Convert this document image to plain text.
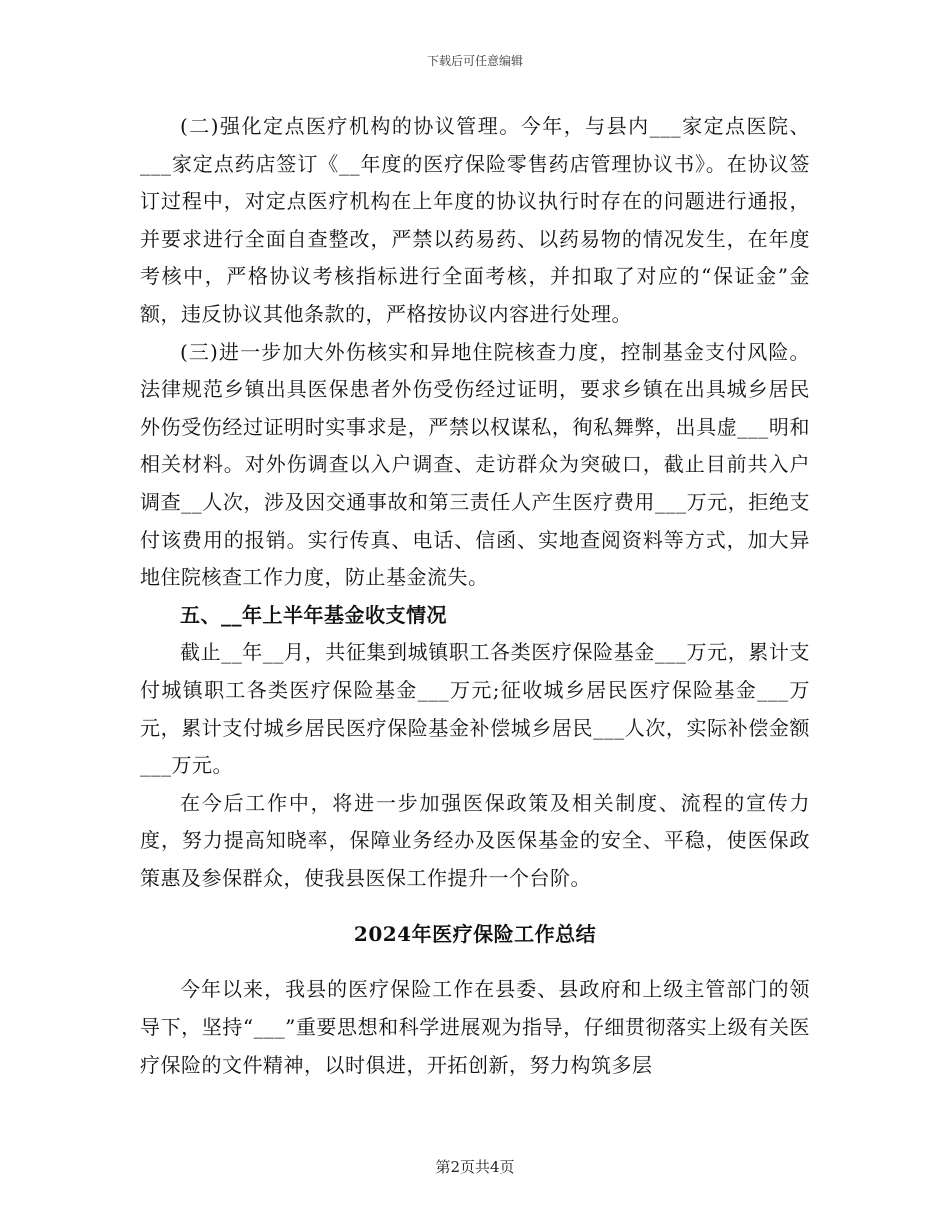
下载后可任意编辑

(二)强化定点医疗机构的协议管理。今年，与县内___家定点医院、___家定点药店签订《__年度的医疗保险零售药店管理协议书》。在协议签订过程中，对定点医疗机构在上年度的协议执行时存在的问题进行通报，并要求进行全面自查整改，严禁以药易药、以药易物的情况发生，在年度考核中，严格协议考核指标进行全面考核，并扣取了对应的“保证金”金额，违反协议其他条款的，严格按协议内容进行处理。

(三)进一步加大外伤核实和异地住院核查力度，控制基金支付风险。法律规范乡镇出具医保患者外伤受伤经过证明，要求乡镇在出具城乡居民外伤受伤经过证明时实事求是，严禁以权谋私，徇私舞弊，出具虚___明和相关材料。对外伤调查以入户调查、走访群众为突破口，截止目前共入户调查__人次，涉及因交通事故和第三责任人产生医疗费用___万元，拒绝支付该费用的报销。实行传真、电话、信函、实地查阅资料等方式，加大异地住院核查工作力度，防止基金流失。

五、__年上半年基金收支情况

截止__年__月，共征集到城镇职工各类医疗保险基金___万元，累计支付城镇职工各类医疗保险基金___万元;征收城乡居民医疗保险基金___万元，累计支付城乡居民医疗保险基金补偿城乡居民___人次，实际补偿金额___万元。

在今后工作中，将进一步加强医保政策及相关制度、流程的宣传力度，努力提高知晓率，保障业务经办及医保基金的安全、平稳，使医保政策惠及参保群众，使我县医保工作提升一个台阶。

2024年医疗保险工作总结

今年以来，我县的医疗保险工作在县委、县政府和上级主管部门的领导下，坚持“___”重要思想和科学进展观为指导，仔细贯彻落实上级有关医疗保险的文件精神，以时俱进，开拓创新，努力构筑多层

第2页共4页
